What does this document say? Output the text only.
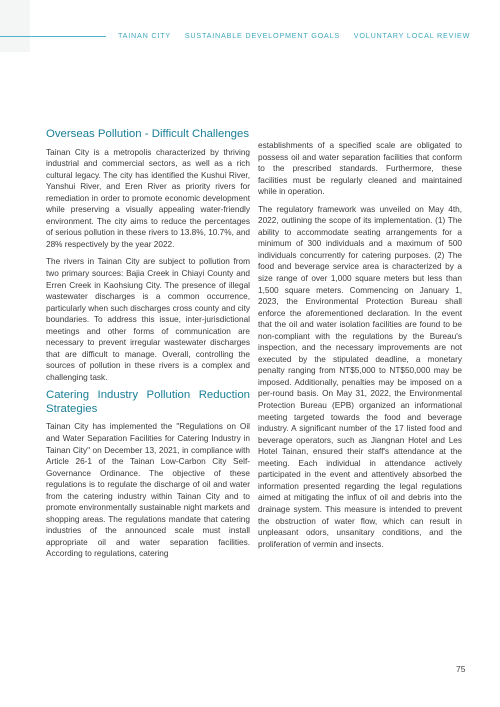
TAINAN CITY SUSTAINABLE DEVELOPMENT GOALS VOLUNTARY LOCAL REVIEW
Overseas Pollution - Difficult Challenges

Tainan City is a metropolis characterized by thriving industrial and commercial sectors, as well as a rich cultural legacy. The city has identified the Kushui River, Yanshui River, and Eren River as priority rivers for remediation in order to promote economic development while preserving a visually appealing water-friendly environment. The city aims to reduce the percentages of serious pollution in these rivers to 13.8%, 10.7%, and 28% respectively by the year 2022.

The rivers in Tainan City are subject to pollution from two primary sources: Bajia Creek in Chiayi County and Erren Creek in Kaohsiung City. The presence of illegal wastewater discharges is a common occurrence, particularly when such discharges cross county and city boundaries. To address this issue, inter-jurisdictional meetings and other forms of communication are necessary to prevent irregular wastewater discharges that are difficult to manage. Overall, controlling the sources of pollution in these rivers is a complex and challenging task.

Catering Industry Pollution Reduction Strategies

Tainan City has implemented the "Regulations on Oil and Water Separation Facilities for Catering Industry in Tainan City" on December 13, 2021, in compliance with Article 26-1 of the Tainan Low-Carbon City Self-Governance Ordinance. The objective of these regulations is to regulate the discharge of oil and water from the catering industry within Tainan City and to promote environmentally sustainable night markets and shopping areas. The regulations mandate that catering industries of the announced scale must install appropriate oil and water separation facilities. According to regulations, catering

establishments of a specified scale are obligated to possess oil and water separation facilities that conform to the prescribed standards. Furthermore, these facilities must be regularly cleaned and maintained while in operation.

The regulatory framework was unveiled on May 4th, 2022, outlining the scope of its implementation. (1) The ability to accommodate seating arrangements for a minimum of 300 individuals and a maximum of 500 individuals concurrently for catering purposes. (2) The food and beverage service area is characterized by a size range of over 1,000 square meters but less than 1,500 square meters. Commencing on January 1, 2023, the Environmental Protection Bureau shall enforce the aforementioned declaration. In the event that the oil and water isolation facilities are found to be non-compliant with the regulations by the Bureau's inspection, and the necessary improvements are not executed by the stipulated deadline, a monetary penalty ranging from NT$5,000 to NT$50,000 may be imposed. Additionally, penalties may be imposed on a per-round basis. On May 31, 2022, the Environmental Protection Bureau (EPB) organized an informational meeting targeted towards the food and beverage industry. A significant number of the 17 listed food and beverage operators, such as Jiangnan Hotel and Les Hotel Tainan, ensured their staff's attendance at the meeting. Each individual in attendance actively participated in the event and attentively absorbed the information presented regarding the legal regulations aimed at mitigating the influx of oil and debris into the drainage system. This measure is intended to prevent the obstruction of water flow, which can result in unpleasant odors, unsanitary conditions, and the proliferation of vermin and insects.

75
